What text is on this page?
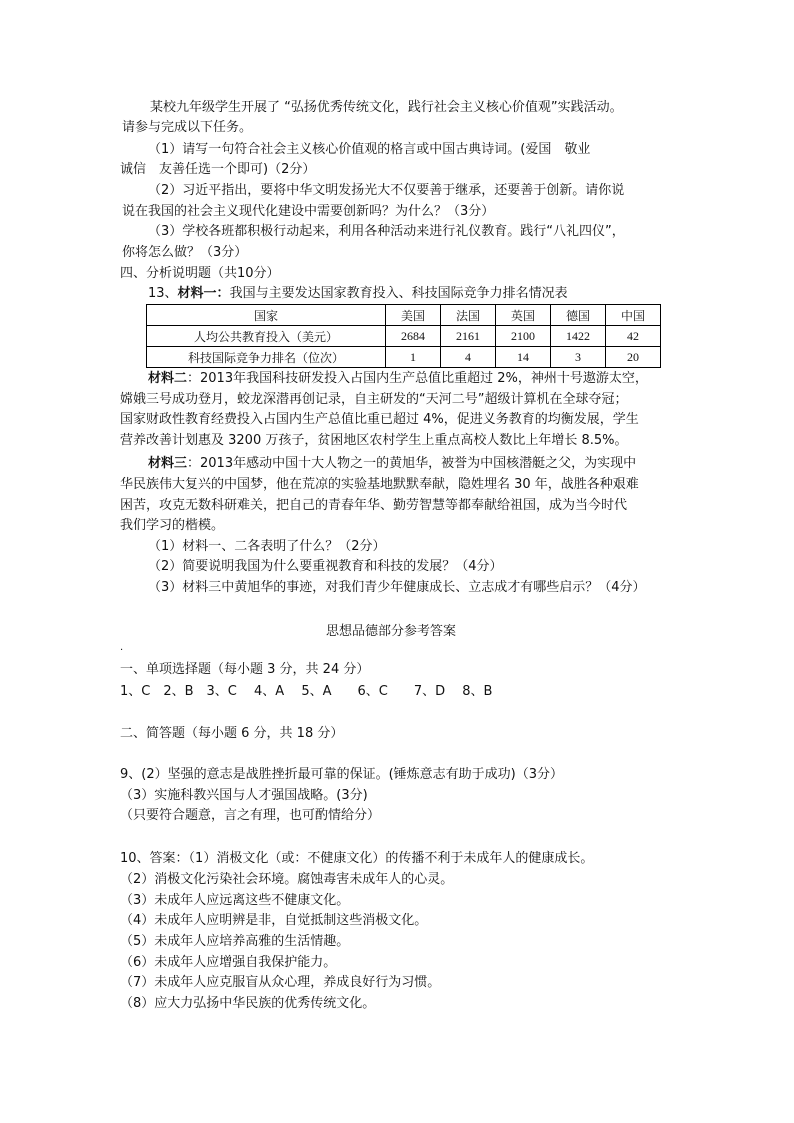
某校九年级学生开展了 “弘扬优秀传统文化，践行社会主义核心价值观”实践活动。
请参与完成以下任务。
（1）请写一句符合社会主义核心价值观的格言或中国古典诗词。(爱国　敬业
诚信　友善任选一个即可)（2分）
（2）习近平指出，要将中华文明发扬光大不仅要善于继承，还要善于创新。请你说
说在我国的社会主义现代化建设中需要创新吗？为什么？（3分）
（3）学校各班都积极行动起来，利用各种活动来进行礼仪教育。践行“八礼四仪”，
你将怎么做？（3分）
四、分析说明题（共10分）
13、材料一：我国与主要发达国家教育投入、科技国际竞争力排名情况表
国家	美国	法国	英国	德国	中国
人均公共教育投入（美元）	2684	2161	2100	1422	42
科技国际竞争力排名（位次）	1	4	14	3	20
材料二：2013年我国科技研发投入占国内生产总值比重超过 2%，神州十号遨游太空，
嫦娥三号成功登月，蛟龙深潜再创记录，自主研发的“天河二号”超级计算机在全球夺冠；
国家财政性教育经费投入占国内生产总值比重已超过 4%，促进义务教育的均衡发展，学生
营养改善计划惠及 3200 万孩子，贫困地区农村学生上重点高校人数比上年增长 8.5%。
材料三：2013年感动中国十大人物之一的黄旭华，被誉为中国核潜艇之父，为实现中
华民族伟大复兴的中国梦，他在荒凉的实验基地默默奉献，隐姓埋名 30 年，战胜各种艰难
困苦，攻克无数科研难关，把自己的青春年华、勤劳智慧等都奉献给祖国，成为当今时代
我们学习的楷模。
（1）材料一、二各表明了什么？（2分）
（2）简要说明我国为什么要重视教育和科技的发展？（4分）
（3）材料三中黄旭华的事迹，对我们青少年健康成长、立志成才有哪些启示？（4分）
思想品德部分参考答案
.
一、单项选择题（每小题 3 分，共 24 分）
1、C　2、B　3、C　 4、A　 5、A　　6、C　　7、D　 8、B
二、简答题（每小题 6 分，共 18 分）
9、(2）坚强的意志是战胜挫折最可靠的保证。(锤炼意志有助于成功)（3分）
（3）实施科教兴国与人才强国战略。(3分)
（只要符合题意，言之有理，也可酌情给分）
10、答案：（1）消极文化（或：不健康文化）的传播不利于未成年人的健康成长。
（2）消极文化污染社会环境。腐蚀毒害未成年人的心灵。
（3）未成年人应远离这些不健康文化。
（4）未成年人应明辨是非，自觉抵制这些消极文化。
（5）未成年人应培养高雅的生活情趣。
（6）未成年人应增强自我保护能力。
（7）未成年人应克服盲从众心理，养成良好行为习惯。
（8）应大力弘扬中华民族的优秀传统文化。
